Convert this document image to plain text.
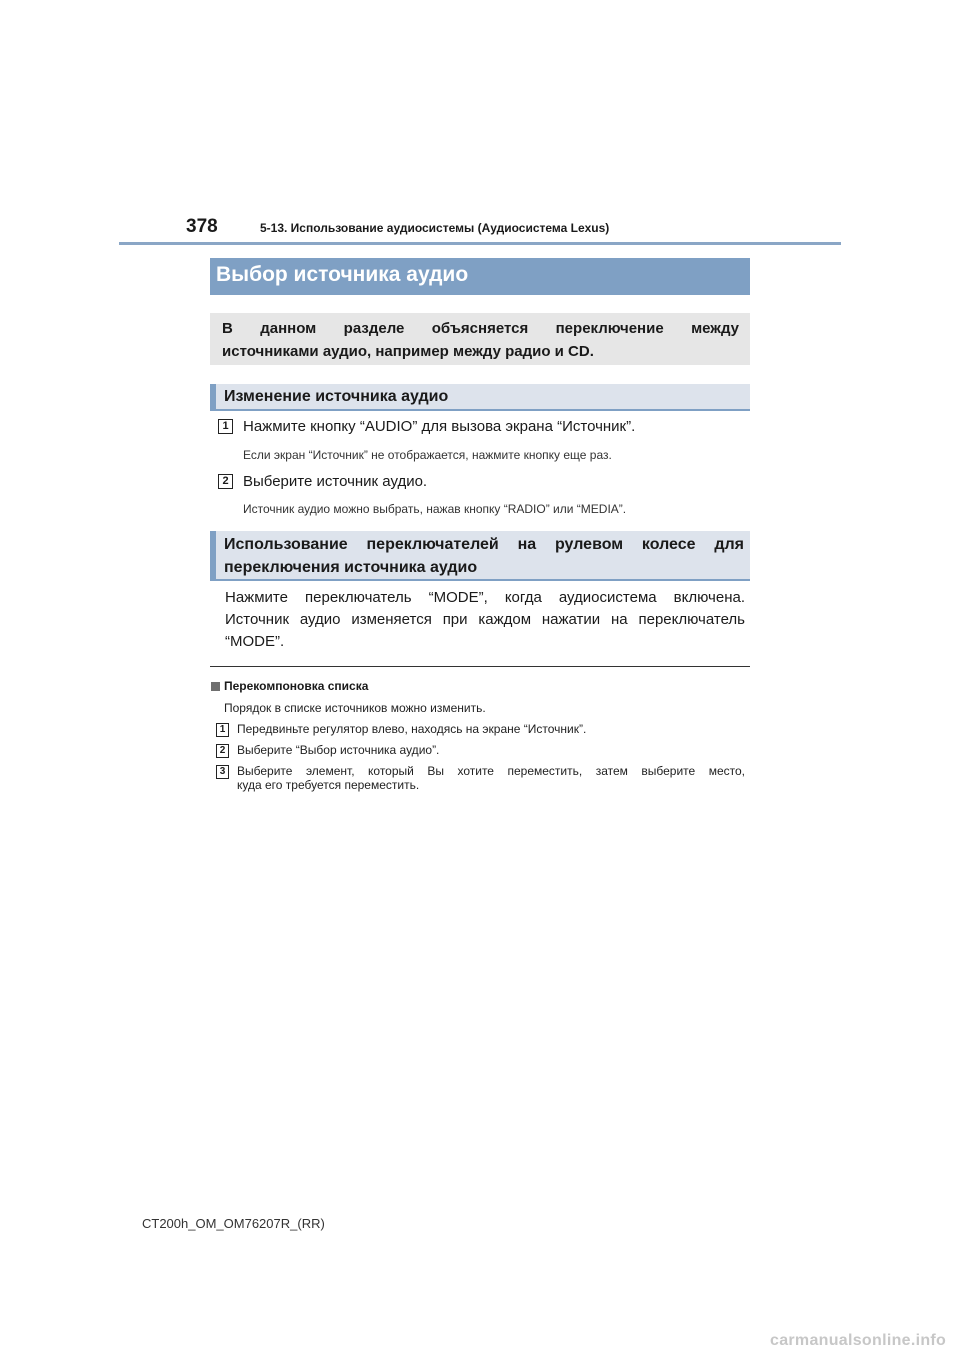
378	5-13. Использование аудиосистемы (Аудиосистема Lexus)
Выбор источника аудио
В данном разделе объясняется переключение между
источниками аудио, например между радио и CD.
Изменение источника аудио
1 Нажмите кнопку “AUDIO” для вызова экрана “Источник”.
Если экран “Источник” не отображается, нажмите кнопку еще раз.
2 Выберите источник аудио.
Источник аудио можно выбрать, нажав кнопку “RADIO” или “MEDIA”.
Использование переключателей на рулевом колесе для
переключения источника аудио
Нажмите переключатель “MODE”, когда аудиосистема включена.
Источник аудио изменяется при каждом нажатии на переключатель
“MODE”.
Перекомпоновка списка
Порядок в списке источников можно изменить.
1 Передвиньте регулятор влево, находясь на экране “Источник”.
2 Выберите “Выбор источника аудио”.
3 Выберите элемент, который Вы хотите переместить, затем выберите место,
куда его требуется переместить.
CT200h_OM_OM76207R_(RR)
carmanualsonline.info
